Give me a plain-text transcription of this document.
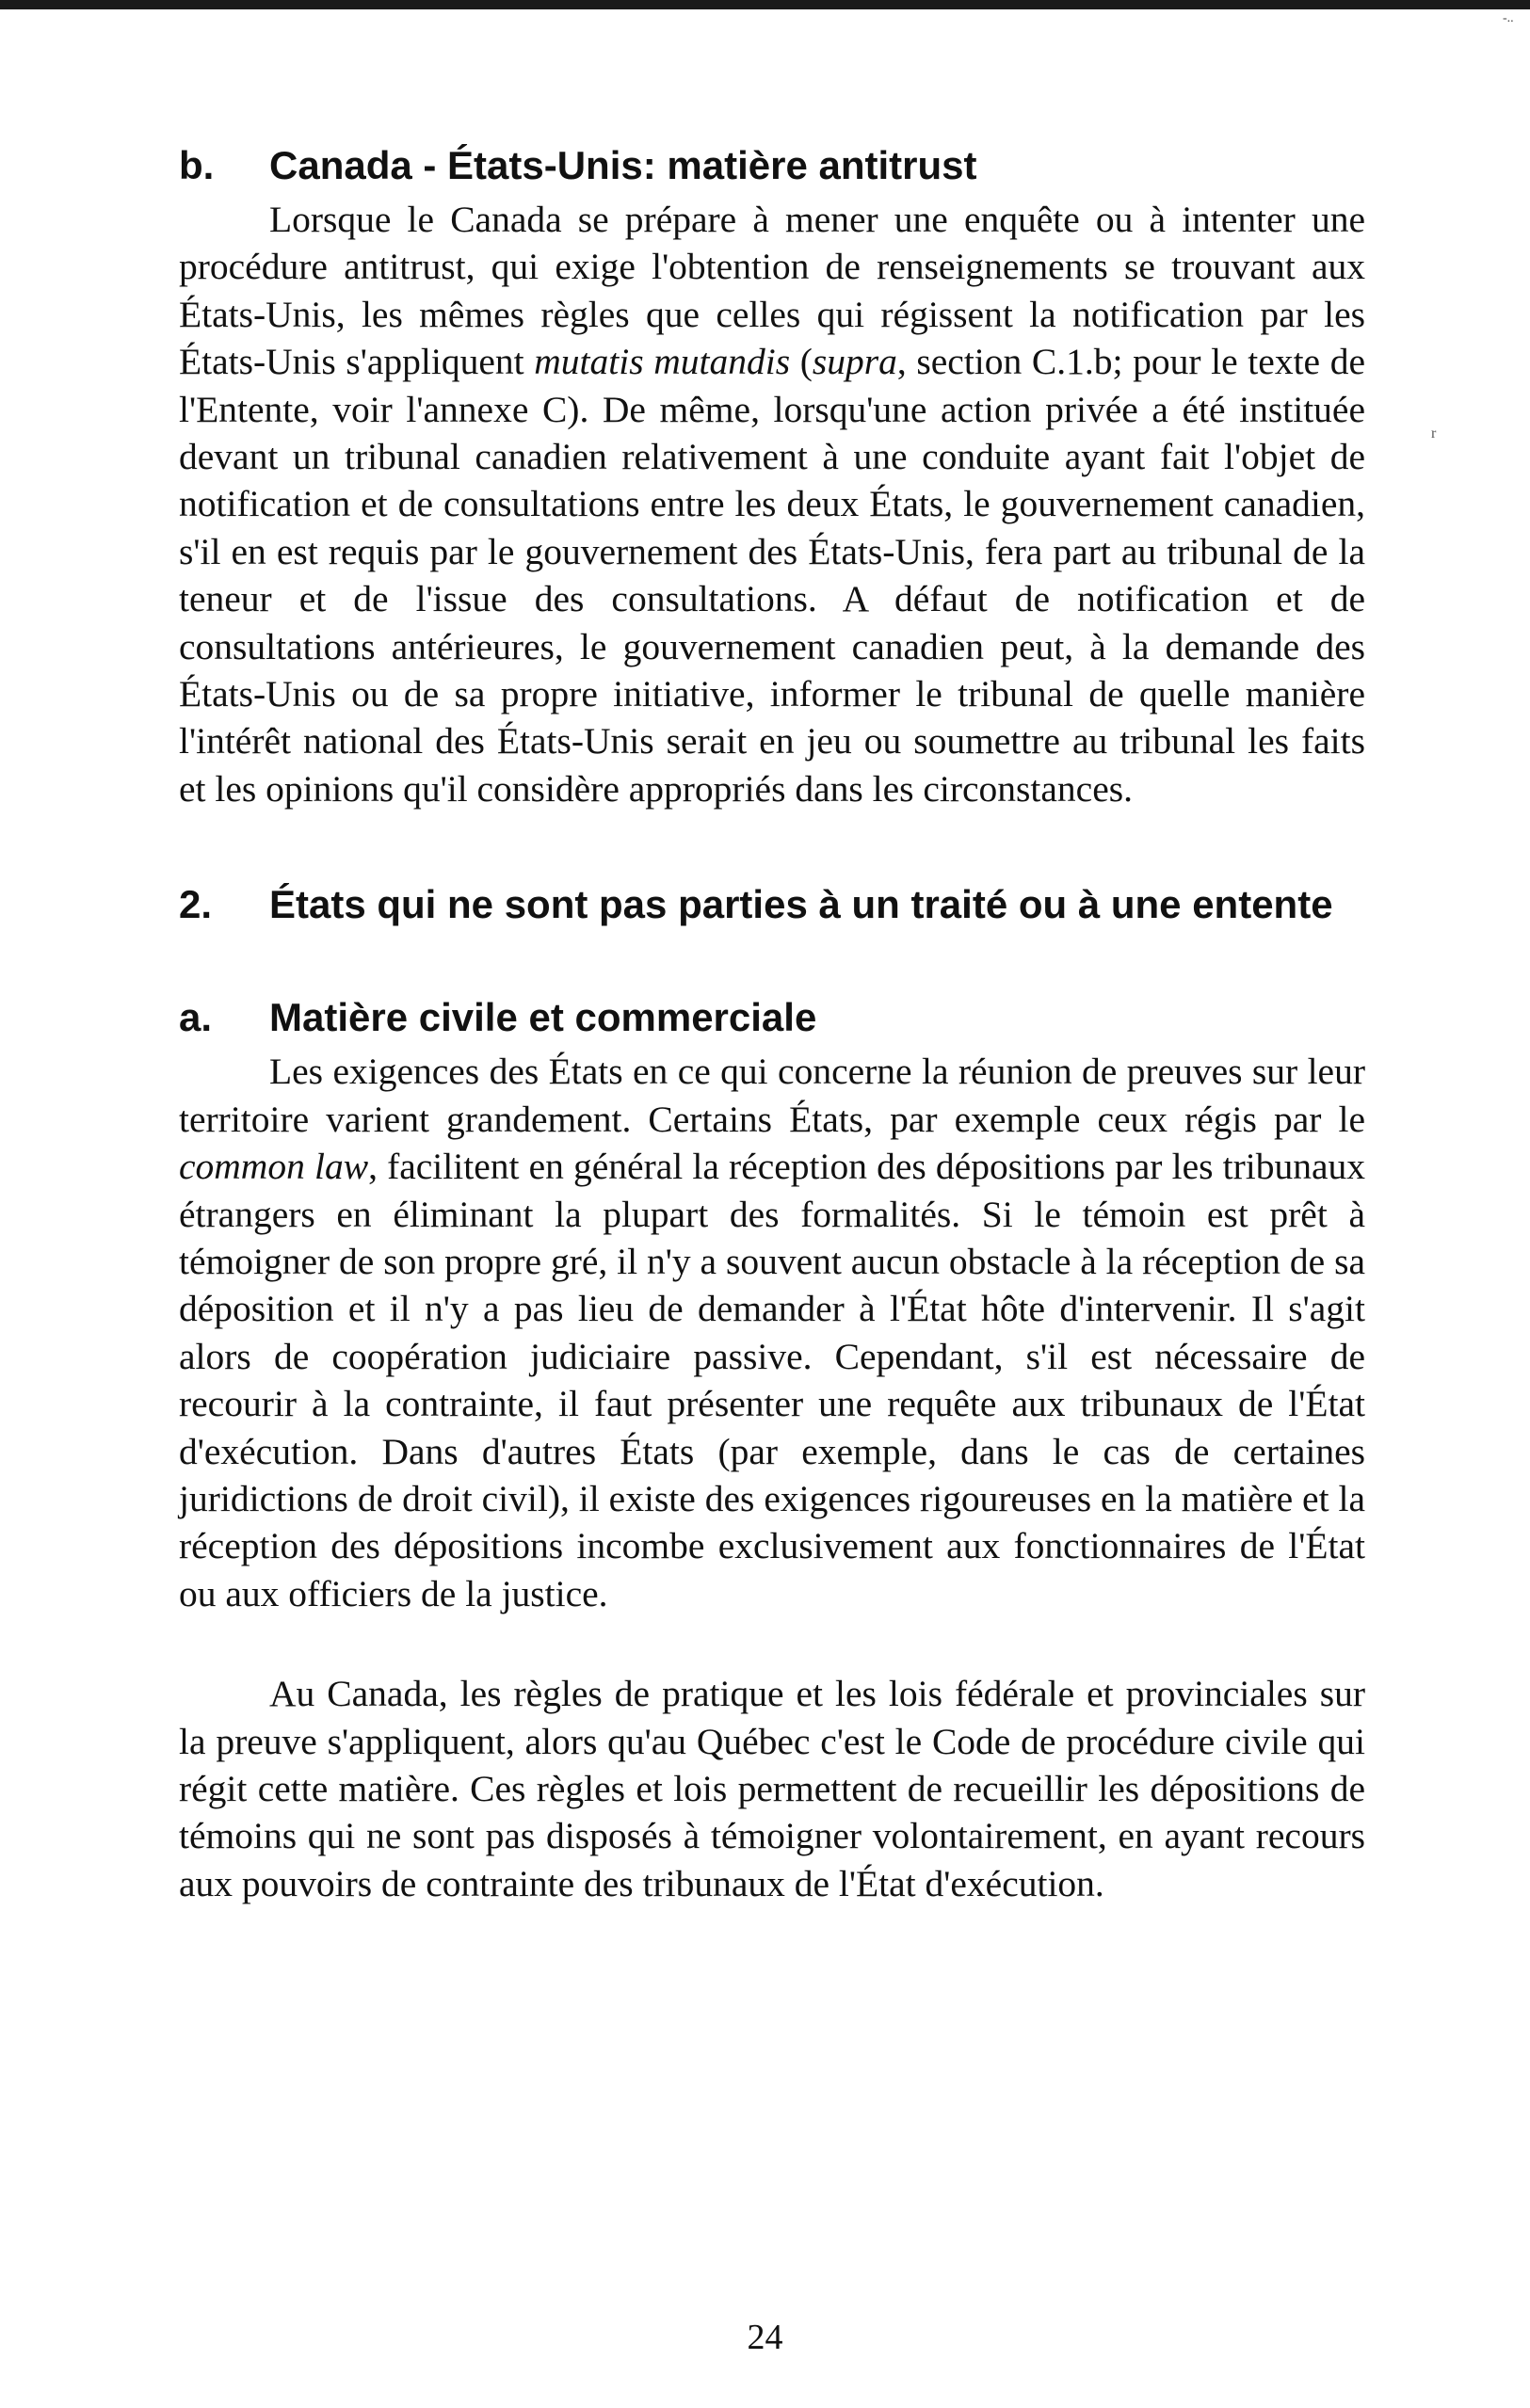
-..
r
b.	Canada - États-Unis: matière antitrust

Lorsque le Canada se prépare à mener une enquête ou à intenter une procédure antitrust, qui exige l'obtention de renseignements se trouvant aux États-Unis, les mêmes règles que celles qui régissent la notification par les États-Unis s'appliquent mutatis mutandis (supra, section C.1.b; pour le texte de l'Entente, voir l'annexe C). De même, lorsqu'une action privée a été instituée devant un tribunal canadien relativement à une conduite ayant fait l'objet de notification et de consultations entre les deux États, le gouvernement canadien, s'il en est requis par le gouvernement des États-Unis, fera part au tribunal de la teneur et de l'issue des consultations. A défaut de notification et de consultations antérieures, le gouvernement canadien peut, à la demande des États-Unis ou de sa propre initiative, informer le tribunal de quelle manière l'intérêt national des États-Unis serait en jeu ou soumettre au tribunal les faits et les opinions qu'il considère appropriés dans les circonstances.

2.	États qui ne sont pas parties à un traité ou à une entente
a.	Matière civile et commerciale

Les exigences des États en ce qui concerne la réunion de preuves sur leur territoire varient grandement. Certains États, par exemple ceux régis par le common law, facilitent en général la réception des dépositions par les tribunaux étrangers en éliminant la plupart des formalités. Si le témoin est prêt à témoigner de son propre gré, il n'y a souvent aucun obstacle à la réception de sa déposition et il n'y a pas lieu de demander à l'État hôte d'intervenir. Il s'agit alors de coopération judiciaire passive. Cependant, s'il est nécessaire de recourir à la contrainte, il faut présenter une requête aux tribunaux de l'État d'exécution. Dans d'autres États (par exemple, dans le cas de certaines juridictions de droit civil), il existe des exigences rigoureuses en la matière et la réception des dépositions incombe exclusivement aux fonctionnaires de l'État ou aux officiers de la justice.

Au Canada, les règles de pratique et les lois fédérale et provinciales sur la preuve s'appliquent, alors qu'au Québec c'est le Code de procédure civile qui régit cette matière. Ces règles et lois permettent de recueillir les dépositions de témoins qui ne sont pas disposés à témoigner volontairement, en ayant recours aux pouvoirs de contrainte des tribunaux de l'État d'exécution.

24
